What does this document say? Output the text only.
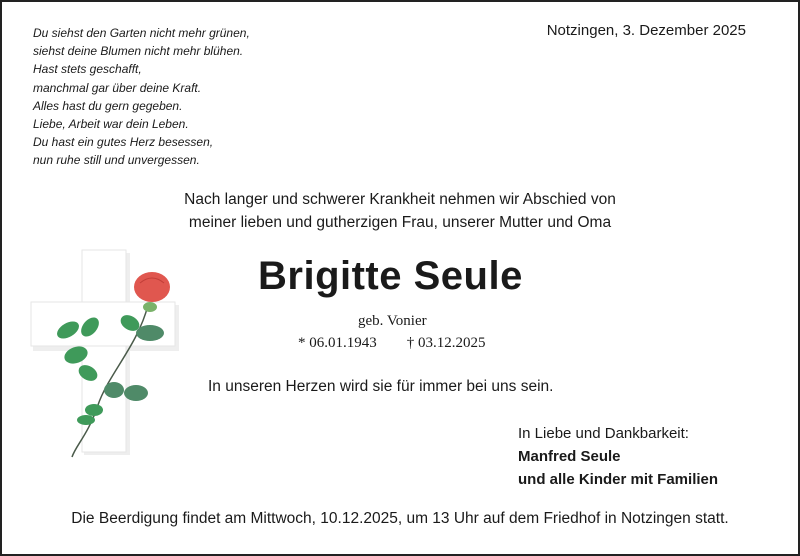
Du siehst den Garten nicht mehr grünen,
siehst deine Blumen nicht mehr blühen.
Hast stets geschafft,
manchmal gar über deine Kraft.
Alles hast du gern gegeben.
Liebe, Arbeit war dein Leben.
Du hast ein gutes Herz besessen,
nun ruhe still und unvergessen.
Notzingen, 3. Dezember 2025
Nach langer und schwerer Krankheit nehmen wir Abschied von
meiner lieben und gutherzigen Frau, unserer Mutter und Oma
Brigitte Seule
geb. Vonier
* 06.01.1943 † 03.12.2025
In unseren Herzen wird sie für immer bei uns sein.
In Liebe und Dankbarkeit:
Manfred Seule
und alle Kinder mit Familien
Die Beerdigung findet am Mittwoch, 10.12.2025, um 13 Uhr auf dem Friedhof in Notzingen statt.
